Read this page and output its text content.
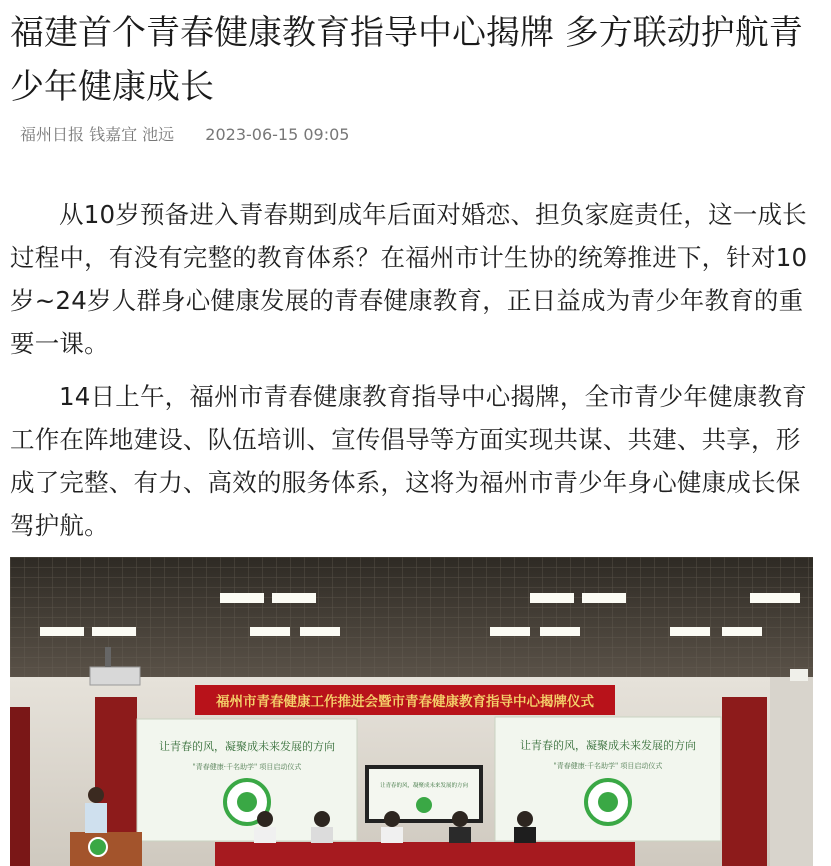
福建首个青春健康教育指导中心揭牌 多方联动护航青少年健康成长
福州日报 钱嘉宜 池远 2023-06-15 09:05

从10岁预备进入青春期到成年后面对婚恋、担负家庭责任，这一成长过程中，有没有完整的教育体系？在福州市计生协的统筹推进下，针对10岁~24岁人群身心健康发展的青春健康教育，正日益成为青少年教育的重要一课。

14日上午，福州市青春健康教育指导中心揭牌，全市青少年健康教育工作在阵地建设、队伍培训、宣传倡导等方面实现共谋、共建、共享，形成了完整、有力、高效的服务体系，这将为福州市青少年身心健康成长保驾护航。

福州市青春健康工作推进会暨市青春健康教育指导中心揭牌仪式
让青春的风，凝聚成未来发展的方向
"青春健康·千名助学" 项目启动仪式
让青春的风，凝聚成未来发展的方向
"青春健康·千名助学" 项目启动仪式
让青春的风，凝聚成未来发展的方向
